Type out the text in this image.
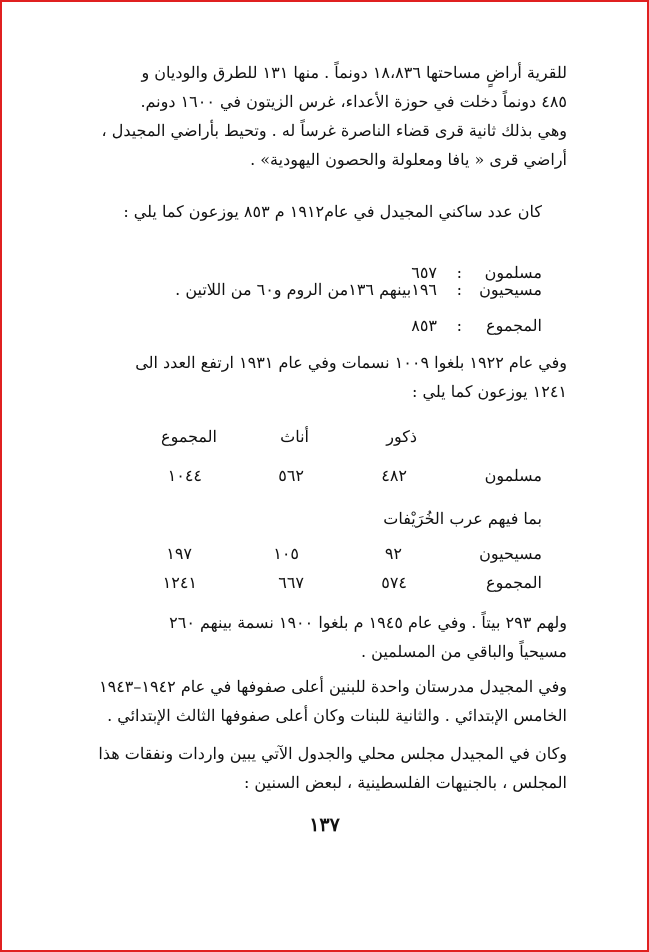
للقرية أراضٍ مساحتها ١٨،٨٣٦ دونماً . منها ١٣١ للطرق والوديان و
٤٨٥ دونماً دخلت في حوزة الأعداء، غرس الزيتون في ١٦٠٠ دونم.
وهي بذلك ثانية قرى قضاء الناصرة غرساً له . وتحيط بأراضي المجيدل ،
أراضي قرى « يافا ومعلولة والحصون اليهودية» .
كان عدد ساكني المجيدل في عام١٩١٢ م ٨٥٣ يوزعون كما يلي :
مسلمون
:
٦٥٧
مسيحيون
:
١٩٦بينهم ١٣٦من الروم و٦٠ من اللاتين .
المجموع
:
٨٥٣
وفي عام ١٩٢٢ بلغوا ١٠٠٩ نسمات وفي عام ١٩٣١ ارتفع العدد الى
١٢٤١ يوزعون كما يلي :
ذكور
أناث
المجموع
مسلمون
٤٨٢
٥٦٢
١٠٤٤
بما فيهم عرب الخُرَيْفات
مسيحيون
٩٢
١٠٥
١٩٧
المجموع
٥٧٤
٦٦٧
١٢٤١
ولهم ٢٩٣ بيتاً . وفي عام ١٩٤٥ م بلغوا ١٩٠٠ نسمة بينهم ٢٦٠
مسيحياً والباقي من المسلمين .
وفي المجيدل مدرستان واحدة للبنين أعلى صفوفها في عام ١٩٤٢–١٩٤٣
الخامس الإبتدائي . والثانية للبنات وكان أعلى صفوفها الثالث الإبتدائي .
وكان في المجيدل مجلس محلي والجدول الآتي يبين واردات ونفقات هذا
المجلس ، بالجنيهات الفلسطينية ، لبعض السنين :
١٣٧
